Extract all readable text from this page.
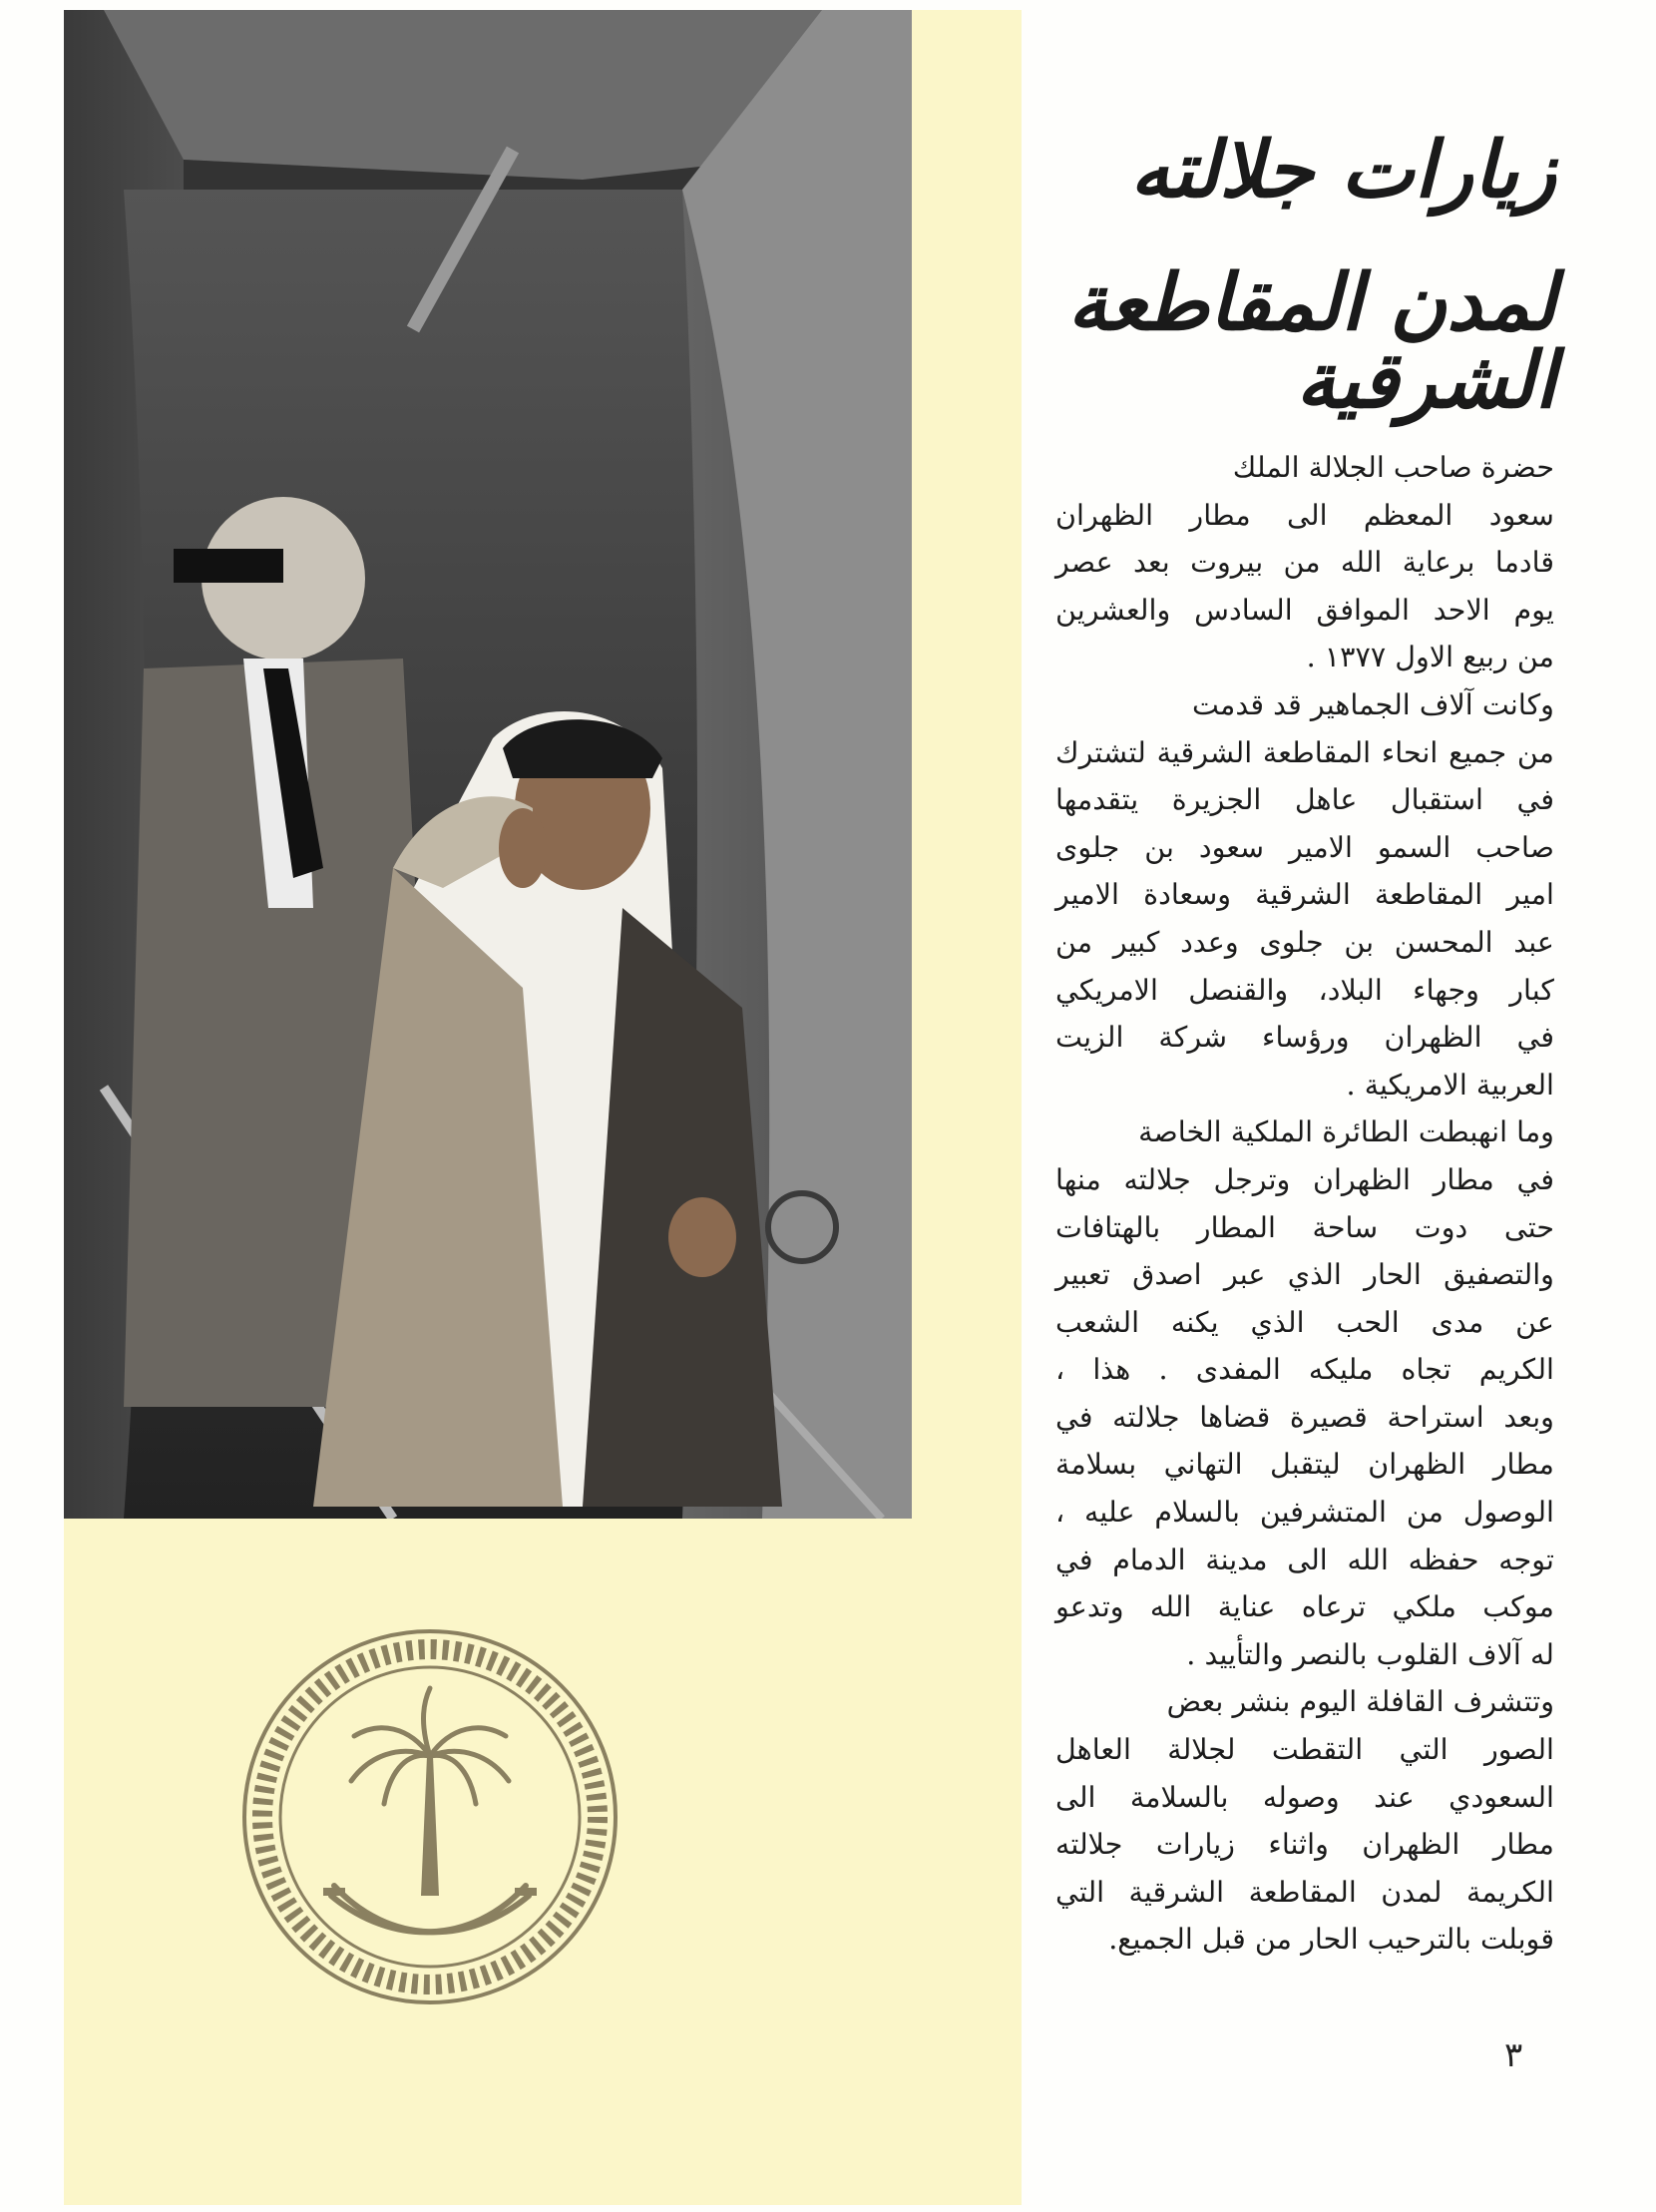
زيارات جلالته
لمدن المقاطعة الشرقية
حضرة صاحب الجلالة الملك
سعود المعظم الى مطار الظهران
قادما برعاية الله من بيروت بعد عصر
يوم الاحد الموافق السادس والعشرين
من ربيع الاول ١٣٧٧ .
وكانت آلاف الجماهير قد قدمت
من جميع انحاء المقاطعة الشرقية لتشترك
في استقبال عاهل الجزيرة يتقدمها
صاحب السمو الامير سعود بن جلوى
امير المقاطعة الشرقية وسعادة الامير
عبد المحسن بن جلوى وعدد كبير من
كبار وجهاء البلاد، والقنصل الامريكي
في الظهران ورؤساء شركة الزيت
العربية الامريكية .
وما انهبطت الطائرة الملكية الخاصة
في مطار الظهران وترجل جلالته منها
حتى دوت ساحة المطار بالهتافات
والتصفيق الحار الذي عبر اصدق تعبير
عن مدى الحب الذي يكنه الشعب
الكريم تجاه مليكه المفدى . هذا ،
وبعد استراحة قصيرة قضاها جلالته في
مطار الظهران ليتقبل التهاني بسلامة
الوصول من المتشرفين بالسلام عليه ،
توجه حفظه الله الى مدينة الدمام في
موكب ملكي ترعاه عناية الله وتدعو
له آلاف القلوب بالنصر والتأييد .
وتتشرف القافلة اليوم بنشر بعض
الصور التي التقطت لجلالة العاهل
السعودي عند وصوله بالسلامة الى
مطار الظهران واثناء زيارات جلالته
الكريمة لمدن المقاطعة الشرقية التي
قوبلت بالترحيب الحار من قبل الجميع.
٣
